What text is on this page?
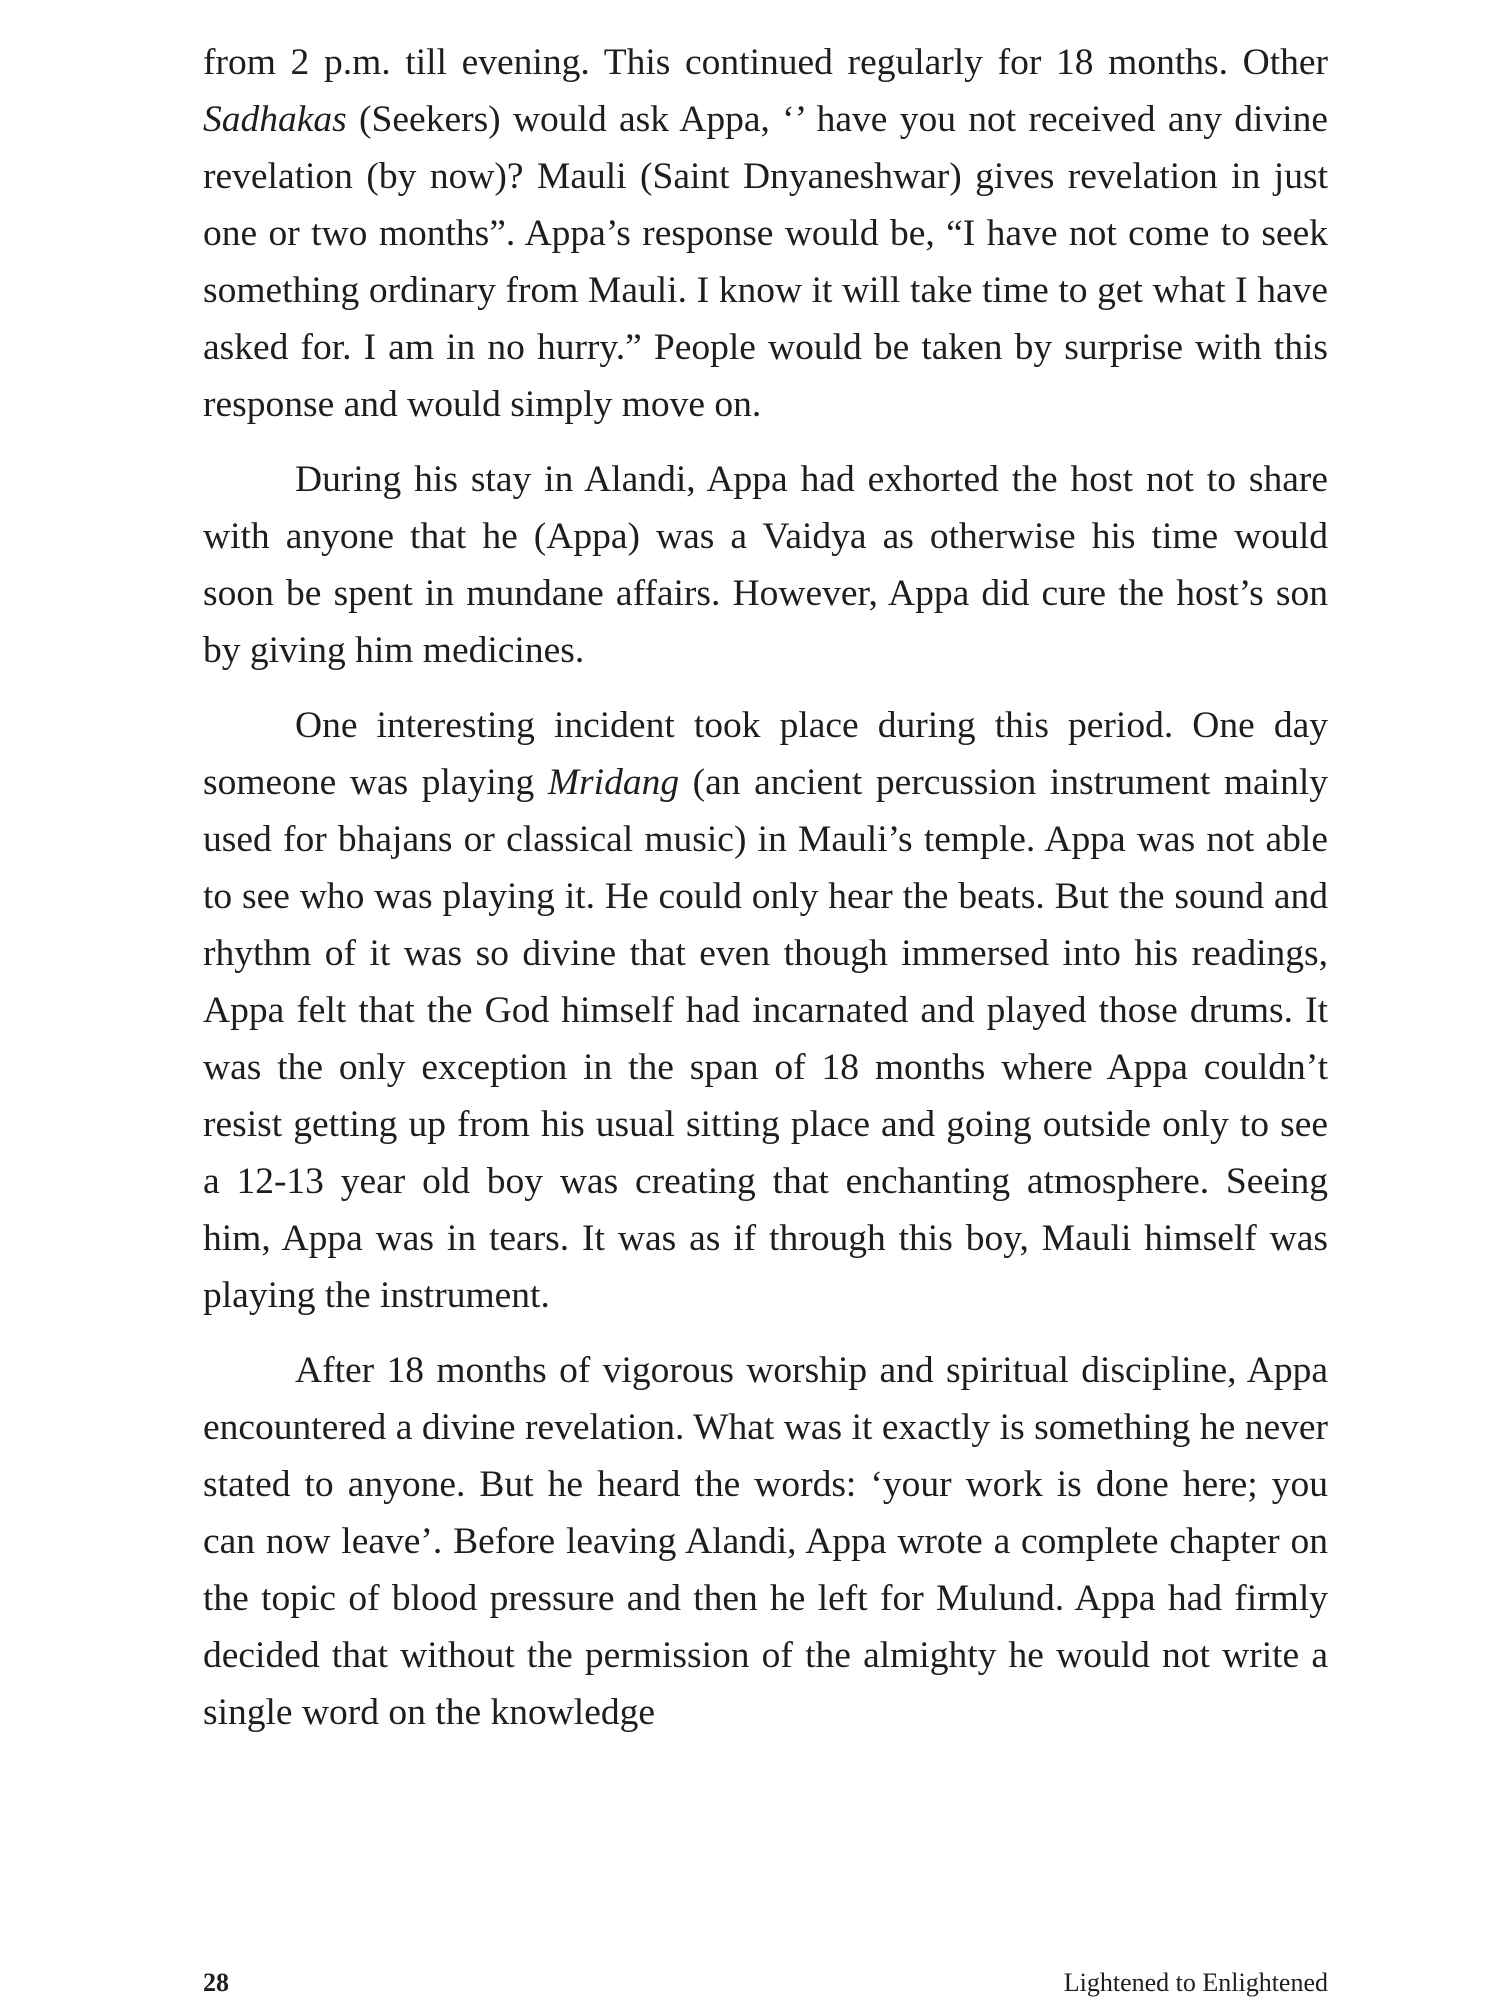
from 2 p.m. till evening. This continued regularly for 18 months. Other Sadhakas (Seekers) would ask Appa, ‘’ have you not received any divine revelation (by now)? Mauli (Saint Dnyaneshwar) gives revelation in just one or two months”. Appa’s response would be, “I have not come to seek something ordinary from Mauli. I know it will take time to get what I have asked for. I am in no hurry.” People would be taken by surprise with this response and would simply move on.

During his stay in Alandi, Appa had exhorted the host not to share with anyone that he (Appa) was a Vaidya as otherwise his time would soon be spent in mundane affairs. However, Appa did cure the host’s son by giving him medicines.

One interesting incident took place during this period. One day someone was playing Mridang (an ancient percussion instrument mainly used for bhajans or classical music) in Mauli’s temple. Appa was not able to see who was playing it. He could only hear the beats. But the sound and rhythm of it was so divine that even though immersed into his readings, Appa felt that the God himself had incarnated and played those drums. It was the only exception in the span of 18 months where Appa couldn’t resist getting up from his usual sitting place and going outside only to see a 12-13 year old boy was creating that enchanting atmosphere. Seeing him, Appa was in tears. It was as if through this boy, Mauli himself was playing the instrument.

After 18 months of vigorous worship and spiritual discipline, Appa encountered a divine revelation. What was it exactly is something he never stated to anyone. But he heard the words: ‘your work is done here; you can now leave’. Before leaving Alandi, Appa wrote a complete chapter on the topic of blood pressure and then he left for Mulund. Appa had firmly decided that without the permission of the almighty he would not write a single word on the knowledge

28	Lightened to Enlightened
